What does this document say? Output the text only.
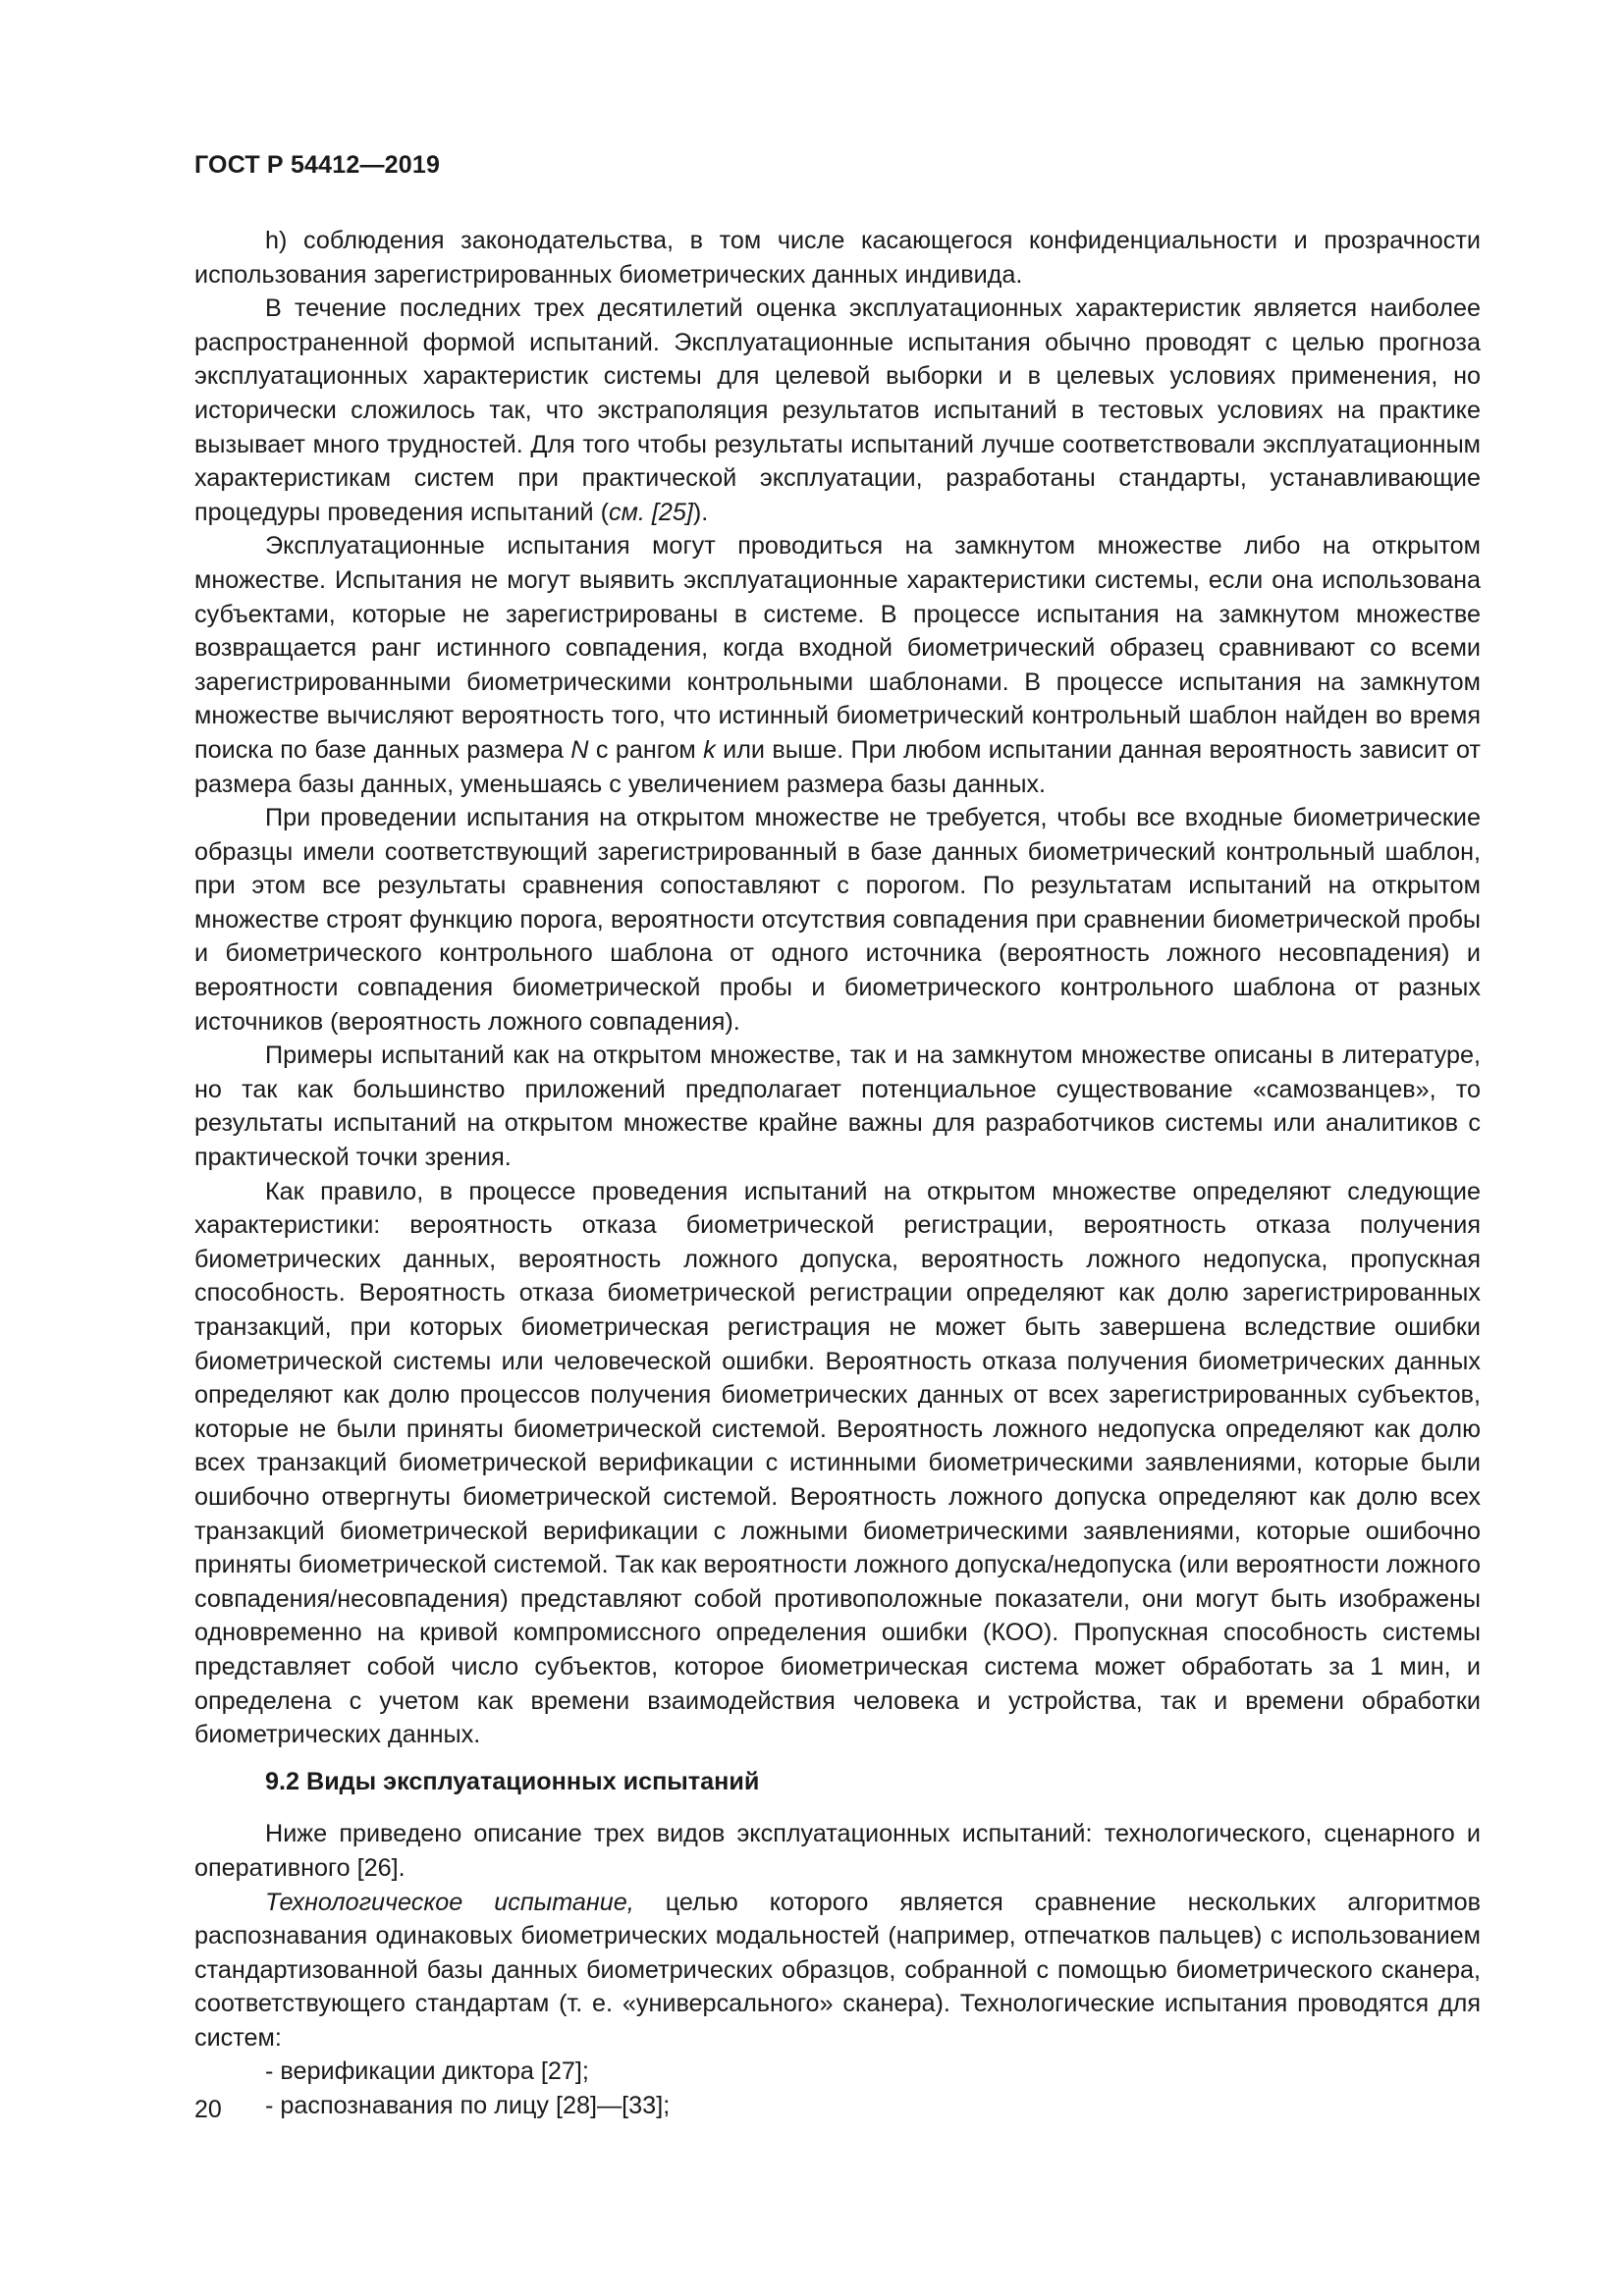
ГОСТ Р 54412—2019

h) соблюдения законодательства, в том числе касающегося конфиденциальности и прозрачности использования зарегистрированных биометрических данных индивида.

В течение последних трех десятилетий оценка эксплуатационных характеристик является наиболее распространенной формой испытаний. Эксплуатационные испытания обычно проводят с целью прогноза эксплуатационных характеристик системы для целевой выборки и в целевых условиях применения, но исторически сложилось так, что экстраполяция результатов испытаний в тестовых условиях на практике вызывает много трудностей. Для того чтобы результаты испытаний лучше соответствовали эксплуатационным характеристикам систем при практической эксплуатации, разработаны стандарты, устанавливающие процедуры проведения испытаний (см. [25]).

Эксплуатационные испытания могут проводиться на замкнутом множестве либо на открытом множестве. Испытания не могут выявить эксплуатационные характеристики системы, если она использована субъектами, которые не зарегистрированы в системе. В процессе испытания на замкнутом множестве возвращается ранг истинного совпадения, когда входной биометрический образец сравнивают со всеми зарегистрированными биометрическими контрольными шаблонами. В процессе испытания на замкнутом множестве вычисляют вероятность того, что истинный биометрический контрольный шаблон найден во время поиска по базе данных размера N с рангом k или выше. При любом испытании данная вероятность зависит от размера базы данных, уменьшаясь с увеличением размера базы данных.

При проведении испытания на открытом множестве не требуется, чтобы все входные биометрические образцы имели соответствующий зарегистрированный в базе данных биометрический контрольный шаблон, при этом все результаты сравнения сопоставляют с порогом. По результатам испытаний на открытом множестве строят функцию порога, вероятности отсутствия совпадения при сравнении биометрической пробы и биометрического контрольного шаблона от одного источника (вероятность ложного несовпадения) и вероятности совпадения биометрической пробы и биометрического контрольного шаблона от разных источников (вероятность ложного совпадения).

Примеры испытаний как на открытом множестве, так и на замкнутом множестве описаны в литературе, но так как большинство приложений предполагает потенциальное существование «самозванцев», то результаты испытаний на открытом множестве крайне важны для разработчиков системы или аналитиков с практической точки зрения.

Как правило, в процессе проведения испытаний на открытом множестве определяют следующие характеристики: вероятность отказа биометрической регистрации, вероятность отказа получения биометрических данных, вероятность ложного допуска, вероятность ложного недопуска, пропускная способность. Вероятность отказа биометрической регистрации определяют как долю зарегистрированных транзакций, при которых биометрическая регистрация не может быть завершена вследствие ошибки биометрической системы или человеческой ошибки. Вероятность отказа получения биометрических данных определяют как долю процессов получения биометрических данных от всех зарегистрированных субъектов, которые не были приняты биометрической системой. Вероятность ложного недопуска определяют как долю всех транзакций биометрической верификации с истинными биометрическими заявлениями, которые были ошибочно отвергнуты биометрической системой. Вероятность ложного допуска определяют как долю всех транзакций биометрической верификации с ложными биометрическими заявлениями, которые ошибочно приняты биометрической системой. Так как вероятности ложного допуска/недопуска (или вероятности ложного совпадения/несовпадения) представляют собой противоположные показатели, они могут быть изображены одновременно на кривой компромиссного определения ошибки (КОО). Пропускная способность системы представляет собой число субъектов, которое биометрическая система может обработать за 1 мин, и определена с учетом как времени взаимодействия человека и устройства, так и времени обработки биометрических данных.

9.2 Виды эксплуатационных испытаний

Ниже приведено описание трех видов эксплуатационных испытаний: технологического, сценарного и оперативного [26].

Технологическое испытание, целью которого является сравнение нескольких алгоритмов распознавания одинаковых биометрических модальностей (например, отпечатков пальцев) с использованием стандартизованной базы данных биометрических образцов, собранной с помощью биометрического сканера, соответствующего стандартам (т. е. «универсального» сканера). Технологические испытания проводятся для систем:

- верификации диктора [27];

- распознавания по лицу [28]—[33];

20
